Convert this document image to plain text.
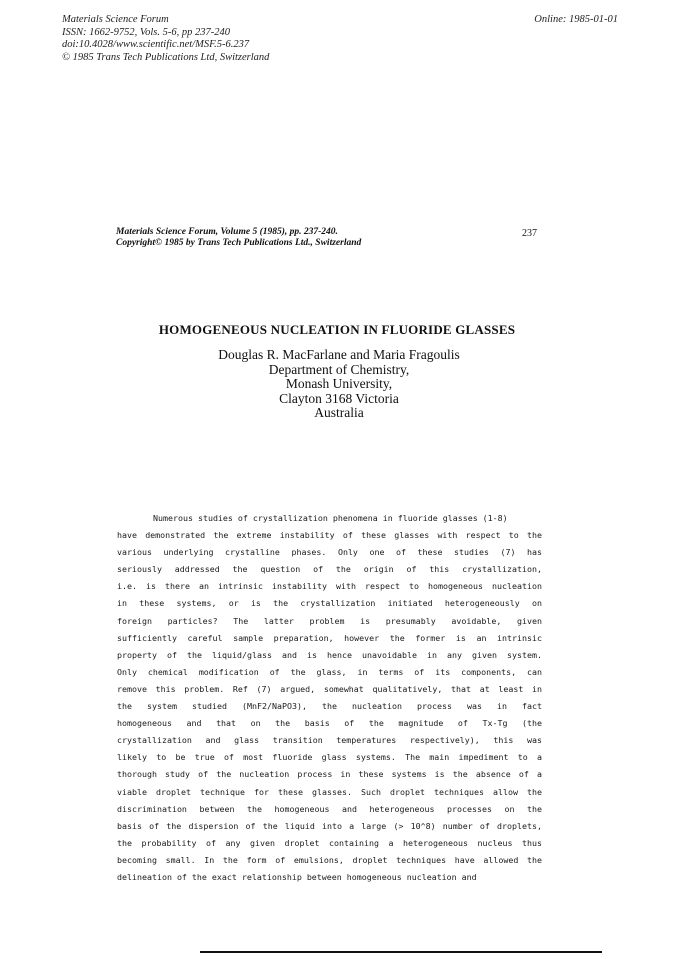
Materials Science Forum
ISSN: 1662-9752, Vols. 5-6, pp 237-240
doi:10.4028/www.scientific.net/MSF.5-6.237
© 1985 Trans Tech Publications Ltd, Switzerland
Online: 1985-01-01
Materials Science Forum, Volume 5 (1985), pp. 237-240.
Copyright© 1985 by Trans Tech Publications Ltd., Switzerland
237
HOMOGENEOUS NUCLEATION IN FLUORIDE GLASSES
Douglas R. MacFarlane and Maria Fragoulis
Department of Chemistry,
Monash University,
Clayton 3168 Victoria
Australia
Numerous studies of crystallization phenomena in fluoride glasses (1-8)
have demonstrated the extreme instability of these glasses with respect to the
various underlying crystalline phases. Only one of these studies (7) has
seriously addressed the question of the origin of this crystallization,
i.e. is there an intrinsic instability with respect to homogeneous nucleation
in these systems, or is the crystallization initiated heterogeneously on
foreign particles? The latter problem is presumably avoidable, given
sufficiently careful sample preparation, however the former is an intrinsic
property of the liquid/glass and is hence unavoidable in any given system.
Only chemical modification of the glass, in terms of its components, can
remove this problem. Ref (7) argued, somewhat qualitatively, that at least in
the system studied (MnF2/NaPO3), the nucleation process was in fact
homogeneous and that on the basis of the magnitude of Tx-Tg (the
crystallization and glass transition temperatures respectively), this was
likely to be true of most fluoride glass systems. The main impediment to a
thorough study of the nucleation process in these systems is the absence of a
viable droplet technique for these glasses. Such droplet techniques allow the
discrimination between the homogeneous and heterogeneous processes on the
basis of the dispersion of the liquid into a large (> 10^8) number of droplets,
the probability of any given droplet containing a heterogeneous nucleus thus
becoming small. In the form of emulsions, droplet techniques have allowed the
delineation of the exact relationship between homogeneous nucleation and
